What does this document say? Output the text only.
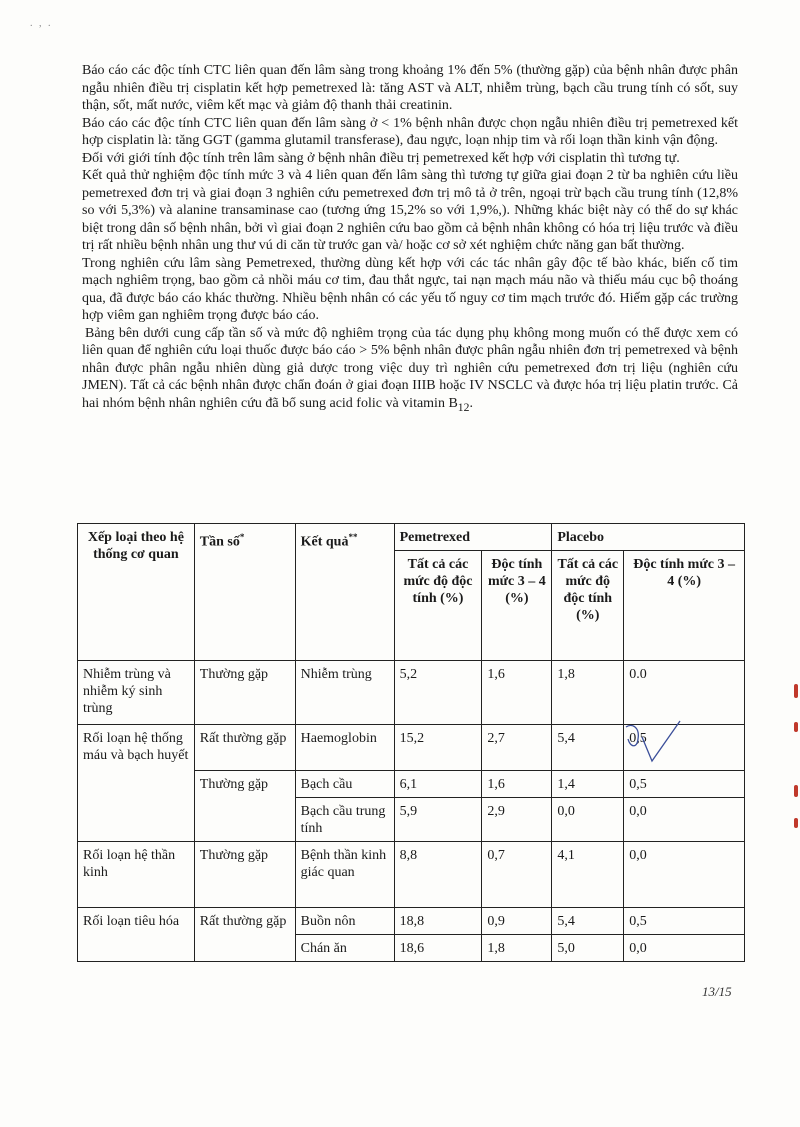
. , .

Báo cáo các độc tính CTC liên quan đến lâm sàng trong khoảng 1% đến 5% (thường gặp) của bệnh nhân được phân ngẫu nhiên điều trị cisplatin kết hợp pemetrexed là: tăng AST và ALT, nhiễm trùng, bạch cầu trung tính có sốt, suy thận, sốt, mất nước, viêm kết mạc và giảm độ thanh thải creatinin.

Báo cáo các độc tính CTC liên quan đến lâm sàng ở < 1% bệnh nhân được chọn ngẫu nhiên điều trị pemetrexed kết hợp cisplatin là: tăng GGT (gamma glutamil transferase), đau ngực, loạn nhịp tim và rối loạn thần kinh vận động.

Đối với giới tính độc tính trên lâm sàng ở bệnh nhân điều trị pemetrexed kết hợp với cisplatin thì tương tự.

Kết quả thử nghiệm độc tính mức 3 và 4 liên quan đến lâm sàng thì tương tự giữa giai đoạn 2 từ ba nghiên cứu liều pemetrexed đơn trị và giai đoạn 3 nghiên cứu pemetrexed đơn trị mô tả ở trên, ngoại trừ bạch cầu trung tính (12,8% so với 5,3%) và alanine transaminase cao (tương ứng 15,2% so với 1,9%,). Những khác biệt này có thể do sự khác biệt trong dân số bệnh nhân, bởi vì giai đoạn 2 nghiên cứu bao gồm cả bệnh nhân không có hóa trị liệu trước và điều trị rất nhiều bệnh nhân ung thư vú di căn từ trước gan và/ hoặc cơ sở xét nghiệm chức năng gan bất thường.

Trong nghiên cứu lâm sàng Pemetrexed, thường dùng kết hợp với các tác nhân gây độc tế bào khác, biến cố tim mạch nghiêm trọng, bao gồm cả nhồi máu cơ tim, đau thắt ngực, tai nạn mạch máu não và thiếu máu cục bộ thoáng qua, đã được báo cáo khác thường. Nhiều bệnh nhân có các yếu tố nguy cơ tim mạch trước đó. Hiếm gặp các trường hợp viêm gan nghiêm trọng được báo cáo.

Bảng bên dưới cung cấp tần số và mức độ nghiêm trọng của tác dụng phụ không mong muốn có thể được xem có liên quan để nghiên cứu loại thuốc được báo cáo > 5% bệnh nhân được phân ngẫu nhiên đơn trị pemetrexed và bệnh nhân được phân ngẫu nhiên dùng giả dược trong việc duy trì nghiên cứu pemetrexed đơn trị liệu (nghiên cứu JMEN). Tất cả các bệnh nhân được chẩn đoán ở giai đoạn IIIB hoặc IV NSCLC và được hóa trị liệu platin trước. Cả hai nhóm bệnh nhân nghiên cứu đã bổ sung acid folic và vitamin $B_{12}$.

Xếp loại theo hệ thống cơ quan	Tần số*	Kết quả**	Pemetrexed		Placebo	
			Tất cả các mức độ độc tính (%)	Độc tính mức 3 – 4 (%)	Tất cả các mức độ độc tính (%)	Độc tính mức 3 – 4 (%)
Nhiễm trùng và nhiễm ký sinh trùng	Thường gặp	Nhiễm trùng	5,2	1,6	1,8	0.0
Rối loạn hệ thống máu và bạch huyết	Rất thường gặp	Haemoglobin	15,2	2,7	5,4	0,5

	Thường gặp	Bạch cầu	6,1	1,6	1,4	0,5
		Bạch cầu trung tính	5,9	2,9	0,0	0,0
Rối loạn hệ thần kinh	Thường gặp	Bệnh thần kinh giác quan	8,8	0,7	4,1	0,0
Rối loạn tiêu hóa	Rất thường gặp	Buồn nôn	18,8	0,9	5,4	0,5
		Chán ăn	18,6	1,8	5,0	0,0
13/15
